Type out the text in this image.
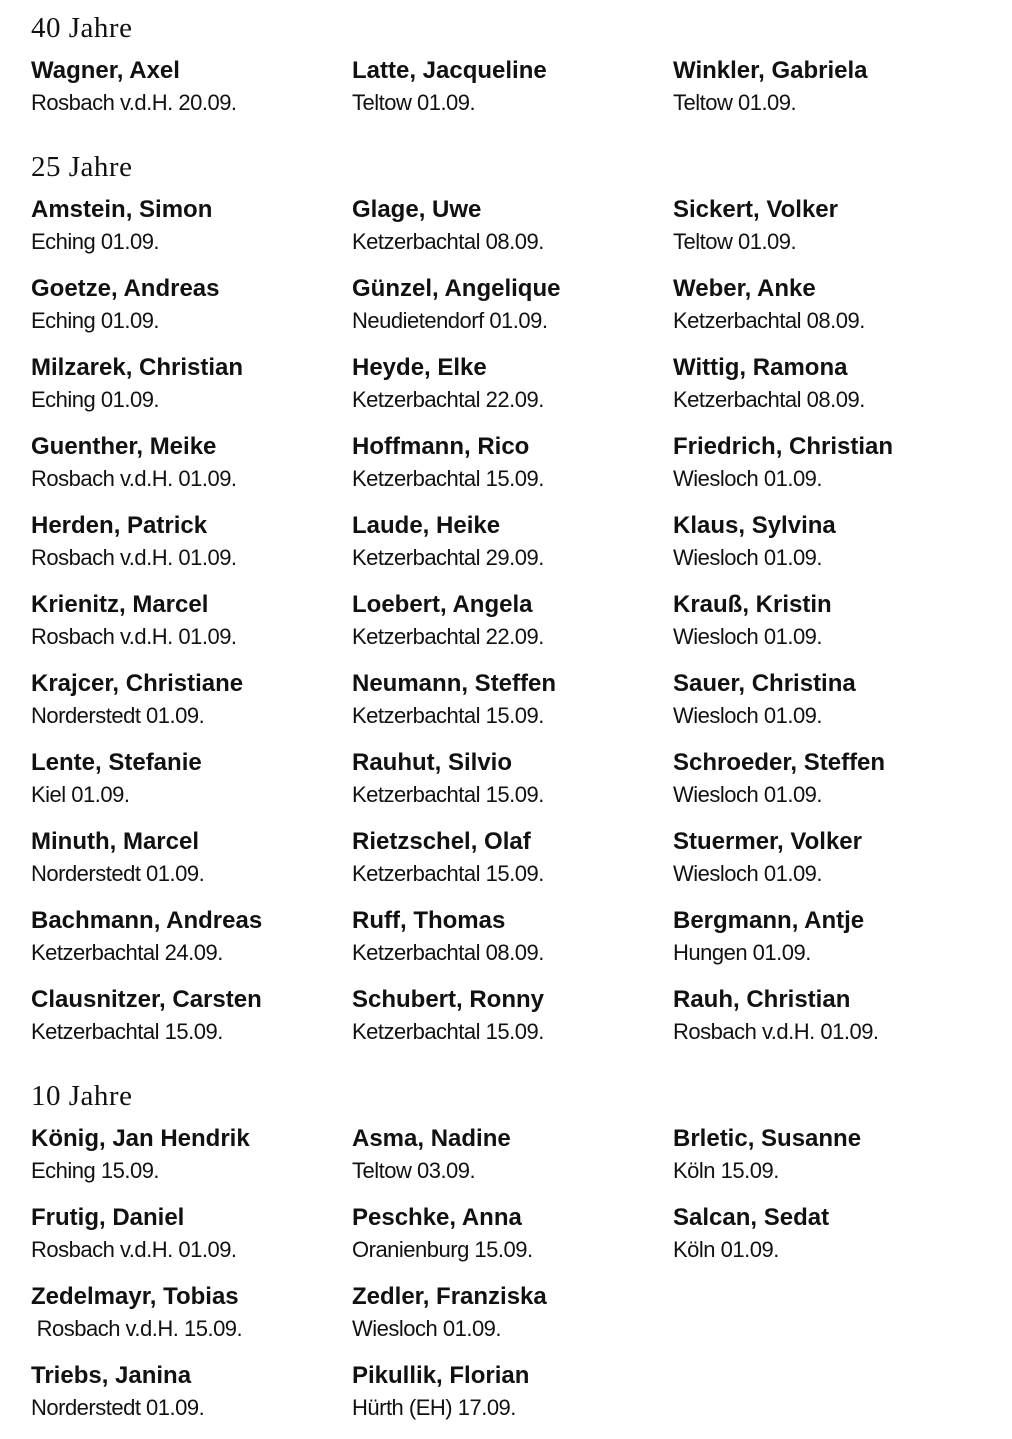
40 Jahre
Wagner, Axel
Rosbach v.d.H. 20.09.
Latte, Jacqueline
Teltow 01.09.
Winkler, Gabriela
Teltow 01.09.
25 Jahre
Amstein, Simon
Eching 01.09.
Glage, Uwe
Ketzerbachtal 08.09.
Sickert, Volker
Teltow 01.09.
Goetze, Andreas
Eching 01.09.
Günzel, Angelique
Neudietendorf 01.09.
Weber, Anke
Ketzerbachtal 08.09.
Milzarek, Christian
Eching 01.09.
Heyde, Elke
Ketzerbachtal 22.09.
Wittig, Ramona
Ketzerbachtal 08.09.
Guenther, Meike
Rosbach v.d.H. 01.09.
Hoffmann, Rico
Ketzerbachtal 15.09.
Friedrich, Christian
Wiesloch 01.09.
Herden, Patrick
Rosbach v.d.H. 01.09.
Laude, Heike
Ketzerbachtal 29.09.
Klaus, Sylvina
Wiesloch 01.09.
Krienitz, Marcel
Rosbach v.d.H. 01.09.
Loebert, Angela
Ketzerbachtal 22.09.
Krauß, Kristin
Wiesloch 01.09.
Krajcer, Christiane
Norderstedt 01.09.
Neumann, Steffen
Ketzerbachtal 15.09.
Sauer, Christina
Wiesloch 01.09.
Lente, Stefanie
Kiel 01.09.
Rauhut, Silvio
Ketzerbachtal 15.09.
Schroeder, Steffen
Wiesloch 01.09.
Minuth, Marcel
Norderstedt 01.09.
Rietzschel, Olaf
Ketzerbachtal 15.09.
Stuermer, Volker
Wiesloch 01.09.
Bachmann, Andreas
Ketzerbachtal 24.09.
Ruff, Thomas
Ketzerbachtal 08.09.
Bergmann, Antje
Hungen 01.09.
Clausnitzer, Carsten
Ketzerbachtal 15.09.
Schubert, Ronny
Ketzerbachtal 15.09.
Rauh, Christian
Rosbach v.d.H. 01.09.
10 Jahre
König, Jan Hendrik
Eching 15.09.
Asma, Nadine
Teltow 03.09.
Brletic, Susanne
Köln 15.09.
Frutig, Daniel
Rosbach v.d.H. 01.09.
Peschke, Anna
Oranienburg 15.09.
Salcan, Sedat
Köln 01.09.
Zedelmayr, Tobias
Rosbach v.d.H. 15.09.
Zedler, Franziska
Wiesloch 01.09.
Triebs, Janina
Norderstedt 01.09.
Pikullik, Florian
Hürth (EH) 17.09.
